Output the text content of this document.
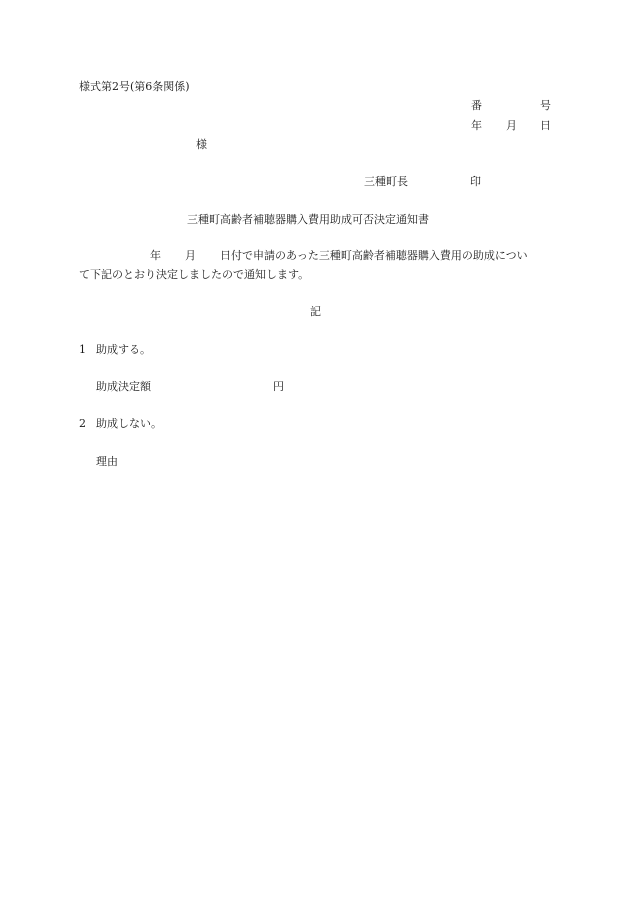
様式第2号(第6条関係)
番	号
年 月 日
様
三種町長	印
三種町高齢者補聴器購入費用助成可否決定通知書
年 月 日付で申請のあった三種町高齢者補聴器購入費用の助成につい
て下記のとおり決定しましたので通知します。
記
1 助成する。
助成決定額	円
2 助成しない。
理由
